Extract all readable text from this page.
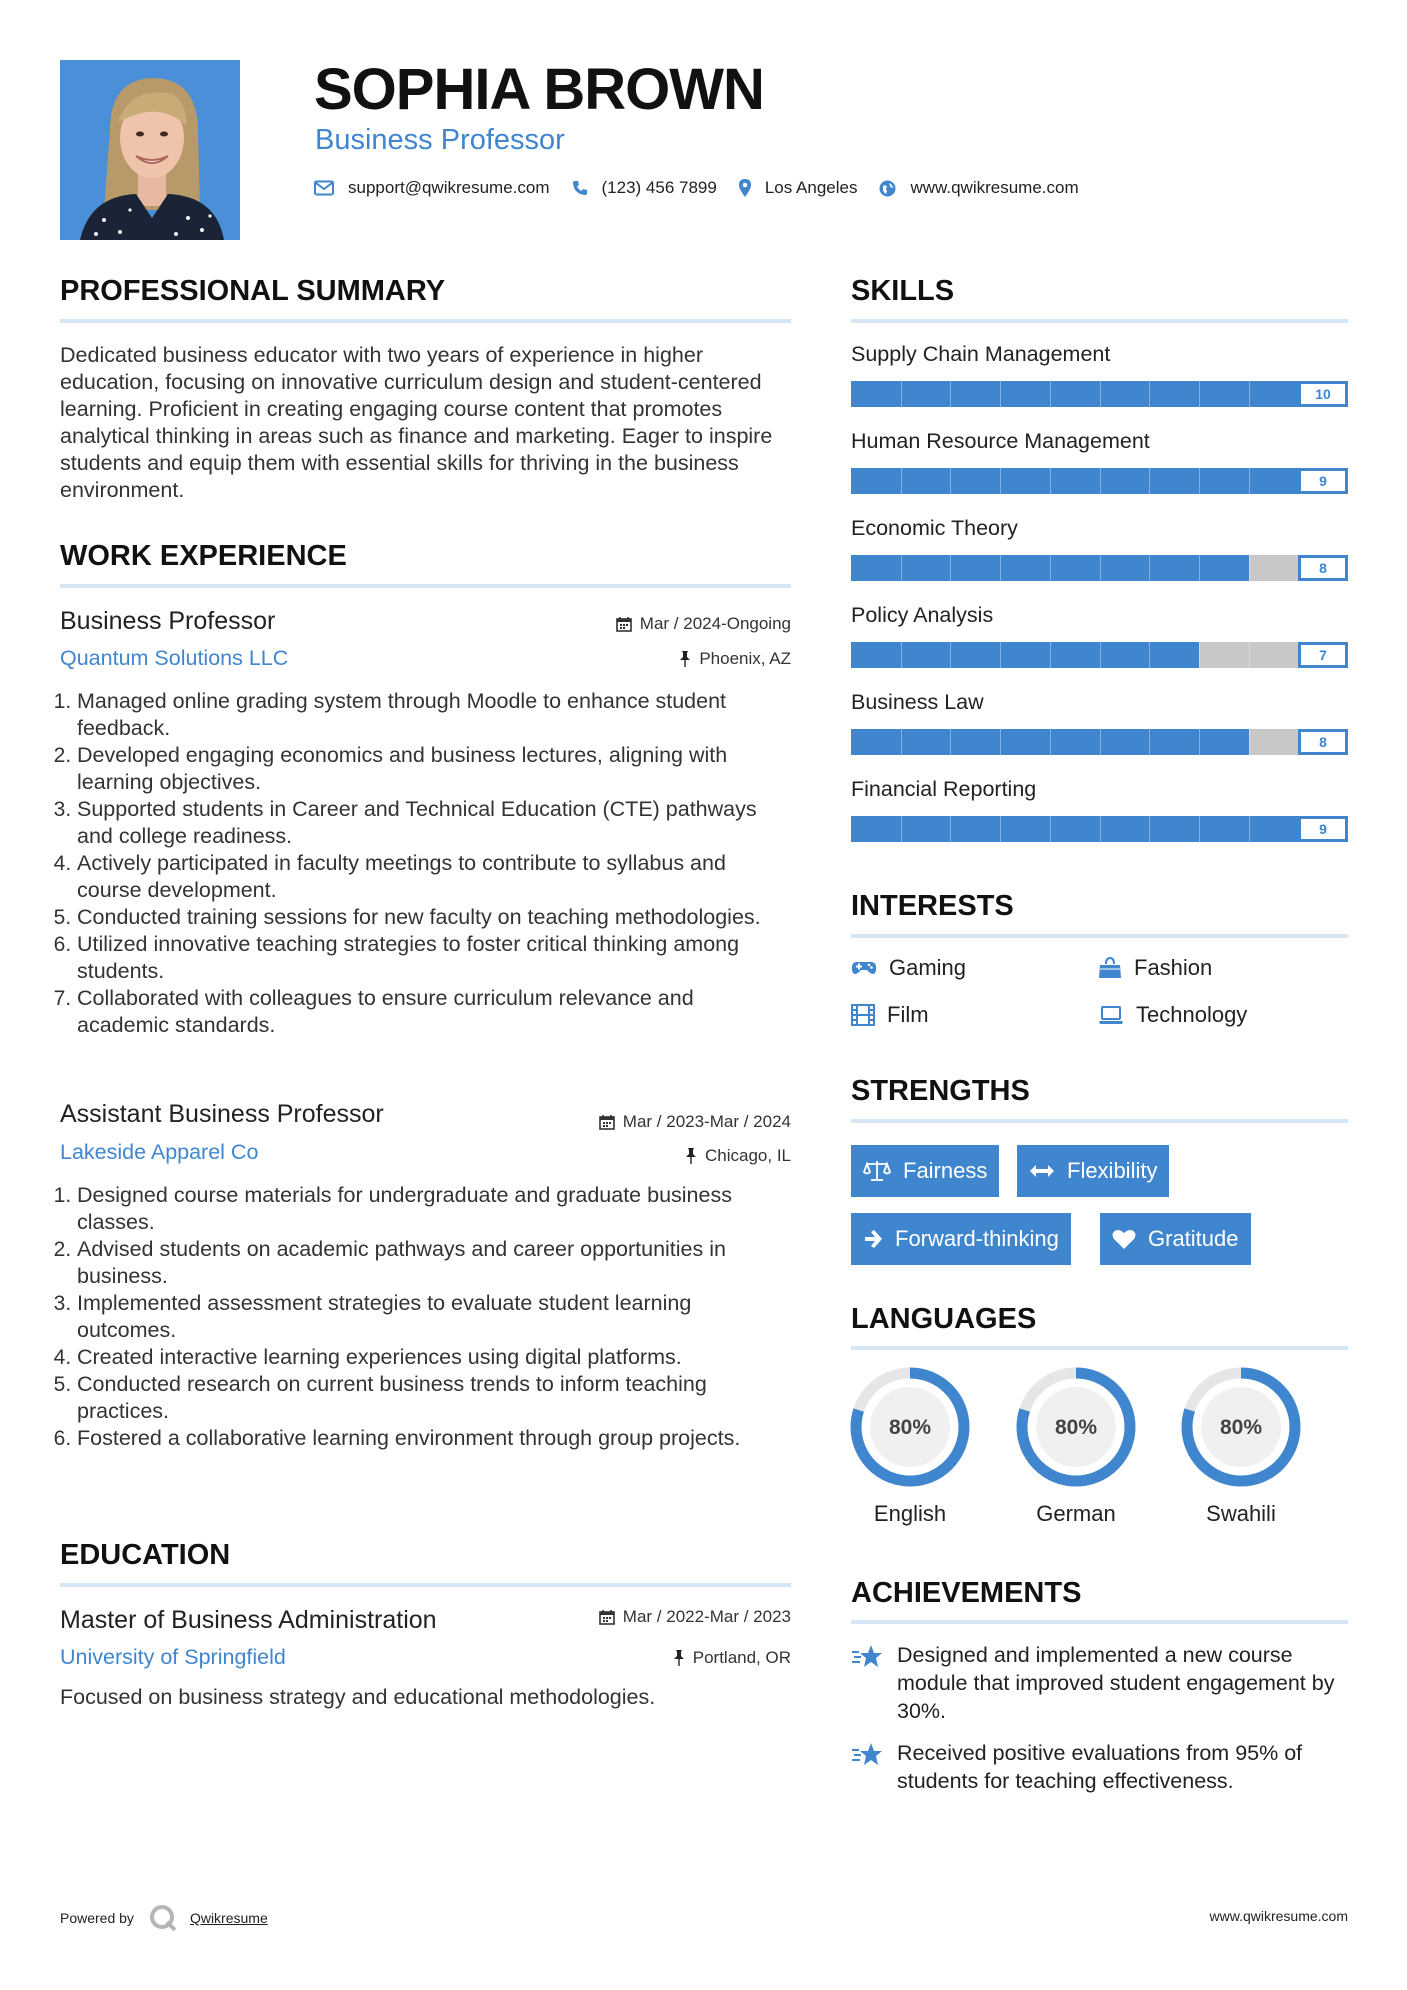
SOPHIA BROWN
Business Professor
support@qwikresume.com	(123) 456 7899	Los Angeles	www.qwikresume.com
PROFESSIONAL SUMMARY
Dedicated business educator with two years of experience in higher education, focusing on innovative curriculum design and student-centered learning. Proficient in creating engaging course content that promotes analytical thinking in areas such as finance and marketing. Eager to inspire students and equip them with essential skills for thriving in the business environment.
WORK EXPERIENCE
Business Professor	Mar / 2024-Ongoing
Quantum Solutions LLC	Phoenix, AZ
1. Managed online grading system through Moodle to enhance student feedback.
2. Developed engaging economics and business lectures, aligning with learning objectives.
3. Supported students in Career and Technical Education (CTE) pathways and college readiness.
4. Actively participated in faculty meetings to contribute to syllabus and course development.
5. Conducted training sessions for new faculty on teaching methodologies.
6. Utilized innovative teaching strategies to foster critical thinking among students.
7. Collaborated with colleagues to ensure curriculum relevance and academic standards.
Assistant Business Professor	Mar / 2023-Mar / 2024
Lakeside Apparel Co	Chicago, IL
1. Designed course materials for undergraduate and graduate business classes.
2. Advised students on academic pathways and career opportunities in business.
3. Implemented assessment strategies to evaluate student learning outcomes.
4. Created interactive learning experiences using digital platforms.
5. Conducted research on current business trends to inform teaching practices.
6. Fostered a collaborative learning environment through group projects.
EDUCATION
Master of Business Administration	Mar / 2022-Mar / 2023
University of Springfield	Portland, OR
Focused on business strategy and educational methodologies.
SKILLS
Supply Chain Management
10
Human Resource Management
9
Economic Theory
8
Policy Analysis
7
Business Law
8
Financial Reporting
9
INTERESTS
Gaming	Fashion
Film	Technology
STRENGTHS
Fairness	Flexibility
Forward-thinking	Gratitude
LANGUAGES
80%
English
80%
German
80%
Swahili
ACHIEVEMENTS
Designed and implemented a new course module that improved student engagement by 30%.
Received positive evaluations from 95% of students for teaching effectiveness.
Powered by	Qwikresume	www.qwikresume.com
